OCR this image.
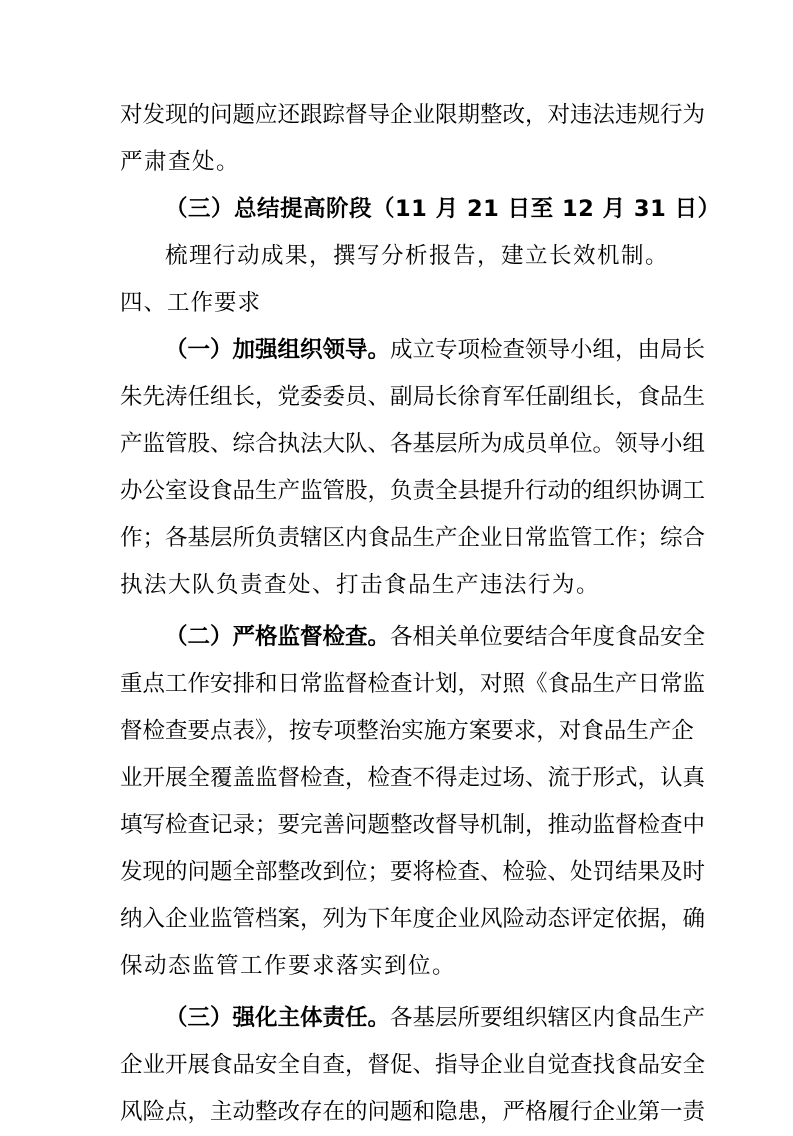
对发现的问题应还跟踪督导企业限期整改，对违法违规行为
严肃查处。
（三）总结提高阶段（11 月 21 日至 12 月 31 日）
梳理行动成果，撰写分析报告，建立长效机制。
四、工作要求
（一）加强组织领导。成立专项检查领导小组，由局长
朱先涛任组长，党委委员、副局长徐育军任副组长，食品生
产监管股、综合执法大队、各基层所为成员单位。领导小组
办公室设食品生产监管股，负责全县提升行动的组织协调工
作；各基层所负责辖区内食品生产企业日常监管工作；综合
执法大队负责查处、打击食品生产违法行为。
（二）严格监督检查。各相关单位要结合年度食品安全
重点工作安排和日常监督检查计划，对照《食品生产日常监
督检查要点表》，按专项整治实施方案要求，对食品生产企
业开展全覆盖监督检查，检查不得走过场、流于形式，认真
填写检查记录；要完善问题整改督导机制，推动监督检查中
发现的问题全部整改到位；要将检查、检验、处罚结果及时
纳入企业监管档案，列为下年度企业风险动态评定依据，确
保动态监管工作要求落实到位。
（三）强化主体责任。各基层所要组织辖区内食品生产
企业开展食品安全自查，督促、指导企业自觉查找食品安全
风险点，主动整改存在的问题和隐患，严格履行企业第一责
